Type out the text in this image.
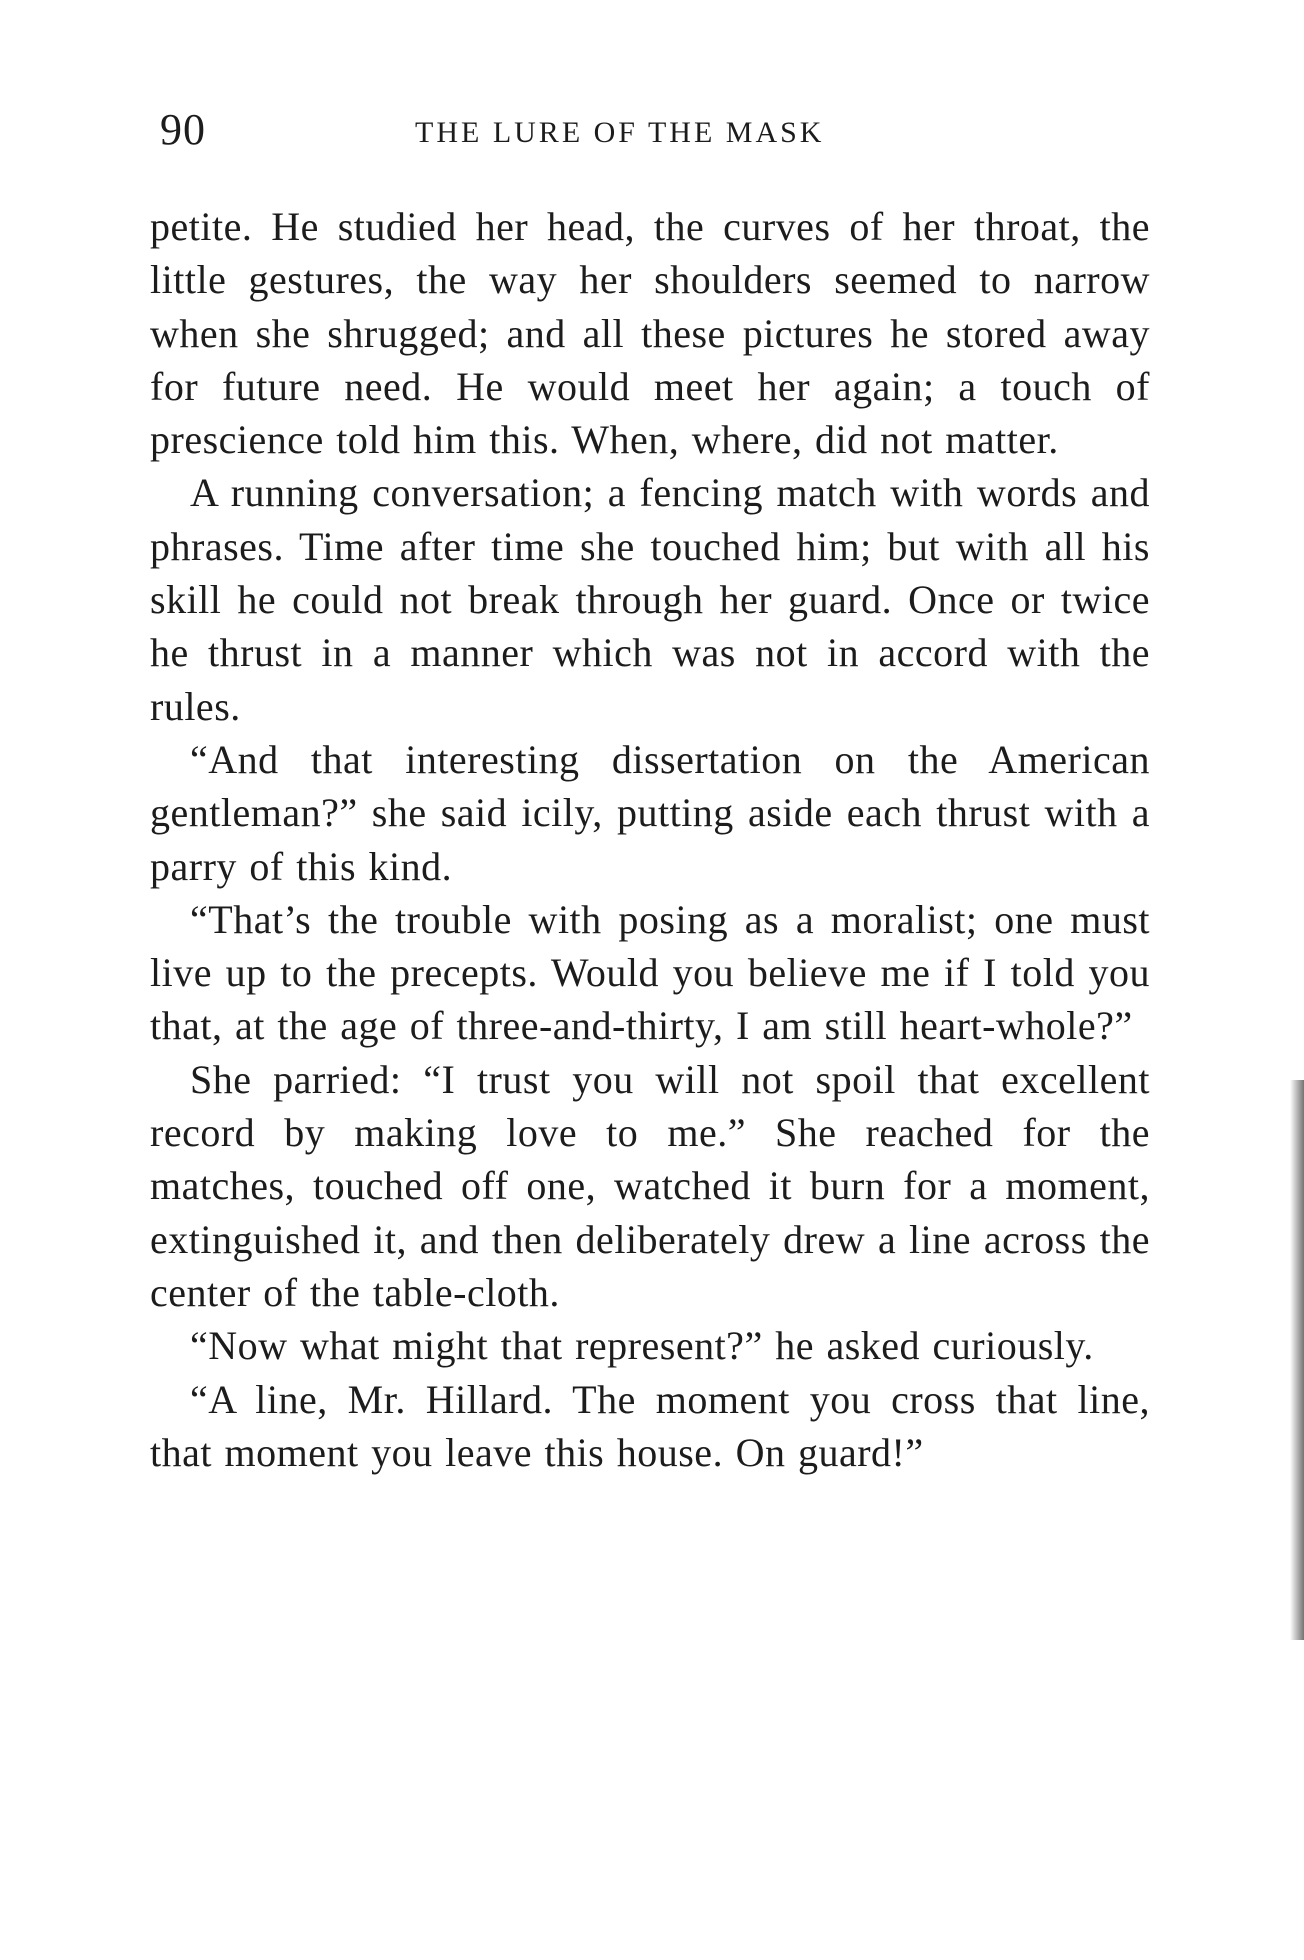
90	THE LURE OF THE MASK

petite. He studied her head, the curves of her throat, the little gestures, the way her shoulders seemed to narrow when she shrugged; and all these pictures he stored away for future need. He would meet her again; a touch of prescience told him this. When, where, did not matter.

A running conversation; a fencing match with words and phrases. Time after time she touched him; but with all his skill he could not break through her guard. Once or twice he thrust in a manner which was not in accord with the rules.

“And that interesting dissertation on the American gentleman?” she said icily, putting aside each thrust with a parry of this kind.

“That’s the trouble with posing as a moralist; one must live up to the precepts. Would you believe me if I told you that, at the age of three-and-thirty, I am still heart-whole?”

She parried: “I trust you will not spoil that excellent record by making love to me.” She reached for the matches, touched off one, watched it burn for a moment, extinguished it, and then deliberately drew a line across the center of the table-cloth.

“Now what might that represent?” he asked curiously.

“A line, Mr. Hillard. The moment you cross that line, that moment you leave this house. On guard!”
